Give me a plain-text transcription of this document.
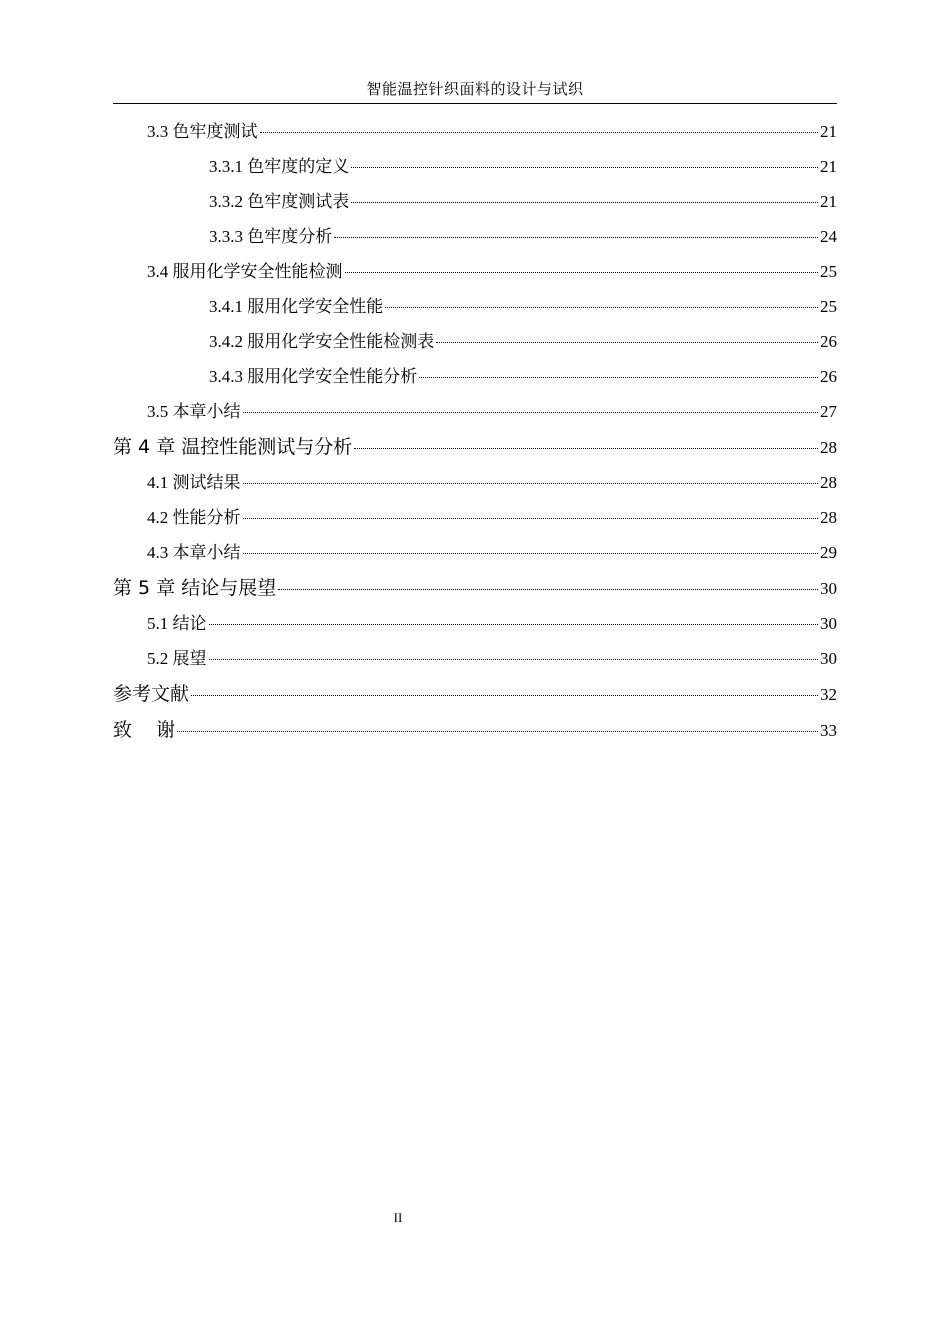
智能温控针织面料的设计与试织
3.3 色牢度测试	21
3.3.1 色牢度的定义	21
3.3.2 色牢度测试表	21
3.3.3 色牢度分析	24
3.4 服用化学安全性能检测	25
3.4.1 服用化学安全性能	25
3.4.2 服用化学安全性能检测表	26
3.4.3 服用化学安全性能分析	26
3.5 本章小结	27
第 4 章 温控性能测试与分析	28
4.1 测试结果	28
4.2 性能分析	28
4.3 本章小结	29
第 5 章 结论与展望	30
5.1 结论	30
5.2 展望	30
参考文献	32
致    谢	33
II
